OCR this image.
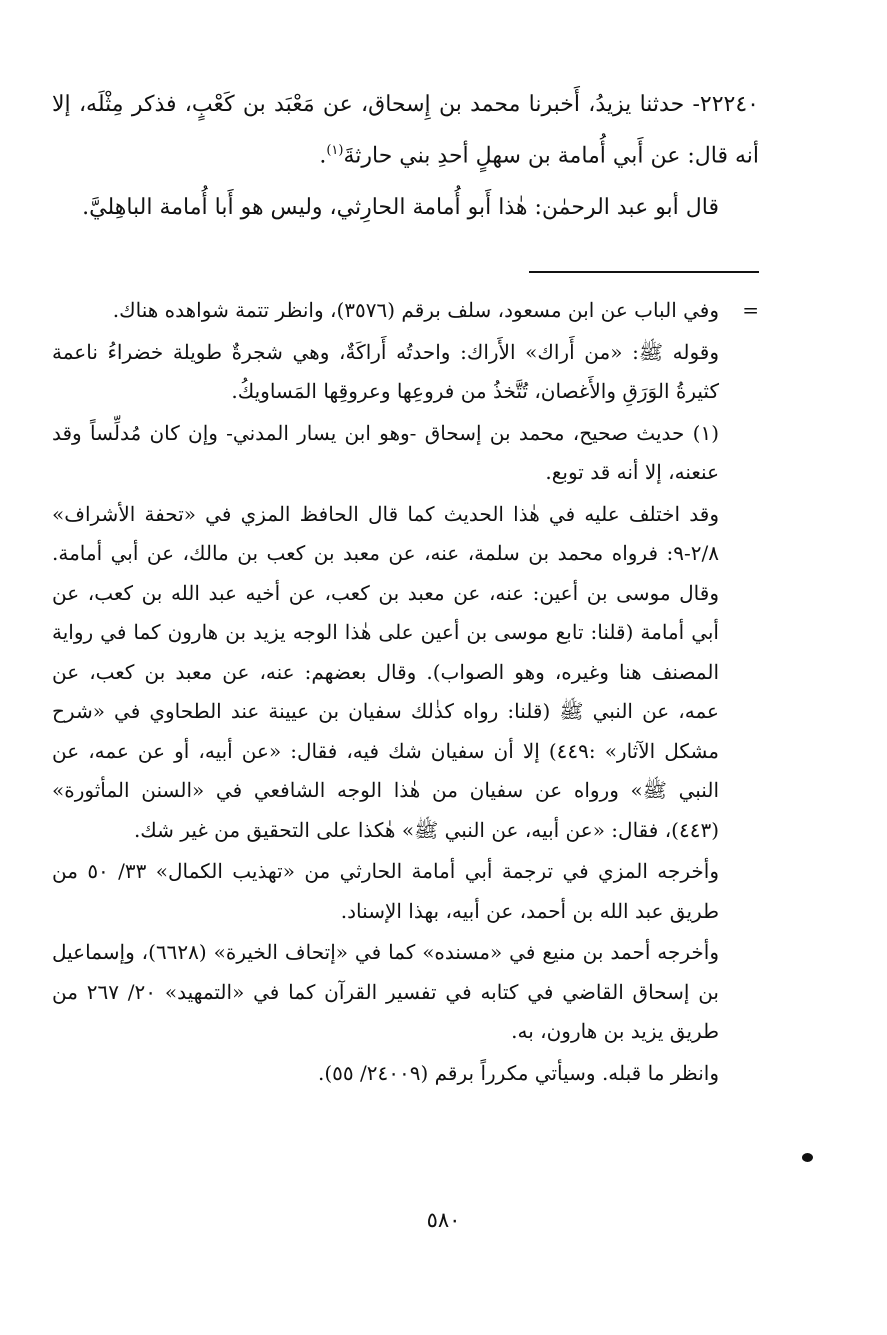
٢٢٢٤٠- حدثنا يزيدُ، أَخبرنا محمد بن إِسحاق، عن مَعْبَد بن كَعْبٍ، فذكر مِثْلَه، إلا أنه قال: عن أَبي أُمامة بن سهلٍ أحدِ بني حارثةَ$^{(١)}$.

قال أبو عبد الرحمٰن: هٰذا أَبو أُمامة الحارِثي، وليس هو أَبا أُمامة الباهِليَّ.

=وفي الباب عن ابن مسعود، سلف برقم (٣٥٧٦)، وانظر تتمة شواهده هناك.

وقوله ﷺ: «من أَراك» الأَراك: واحدتُه أَراكَةٌ، وهي شجرةٌ طويلة خضراءُ ناعمة كثيرةُ الوَرَقِ والأَغصان، تُتَّخذُ من فروعِها وعروقِها المَساويكُ.

(١) حديث صحيح، محمد بن إسحاق -وهو ابن يسار المدني- وإن كان مُدلِّساً وقد عنعنه، إلا أنه قد توبع.

وقد اختلف عليه في هٰذا الحديث كما قال الحافظ المزي في «تحفة الأشراف» ٢/٨-٩: فرواه محمد بن سلمة، عنه، عن معبد بن كعب بن مالك، عن أبي أمامة. وقال موسى بن أعين: عنه، عن معبد بن كعب، عن أخيه عبد الله بن كعب، عن أبي أمامة (قلنا: تابع موسى بن أعين على هٰذا الوجه يزيد بن هارون كما في رواية المصنف هنا وغيره، وهو الصواب). وقال بعضهم: عنه، عن معبد بن كعب، عن عمه، عن النبي ﷺ (قلنا: رواه كذٰلك سفيان بن عيينة عند الطحاوي في «شرح مشكل الآثار» :٤٤٩) إلا أن سفيان شك فيه، فقال: «عن أبيه، أو عن عمه، عن النبي ﷺ» ورواه عن سفيان من هٰذا الوجه الشافعي في «السنن المأثورة» (٤٤٣)، فقال: «عن أبيه، عن النبي ﷺ» هٰكذا على التحقيق من غير شك.

وأخرجه المزي في ترجمة أبي أمامة الحارثي من «تهذيب الكمال» ٣٣/ ٥٠ من طريق عبد الله بن أحمد، عن أبيه، بهذا الإسناد.

وأخرجه أحمد بن منيع في «مسنده» كما في «إتحاف الخيرة» (٦٦٢٨)، وإسماعيل بن إسحاق القاضي في كتابه في تفسير القرآن كما في «التمهيد» ٢٠/ ٢٦٧ من طريق يزيد بن هارون، به.

وانظر ما قبله. وسيأتي مكرراً برقم (٢٤٠٠٩/ ٥٥).

٥٨٠
